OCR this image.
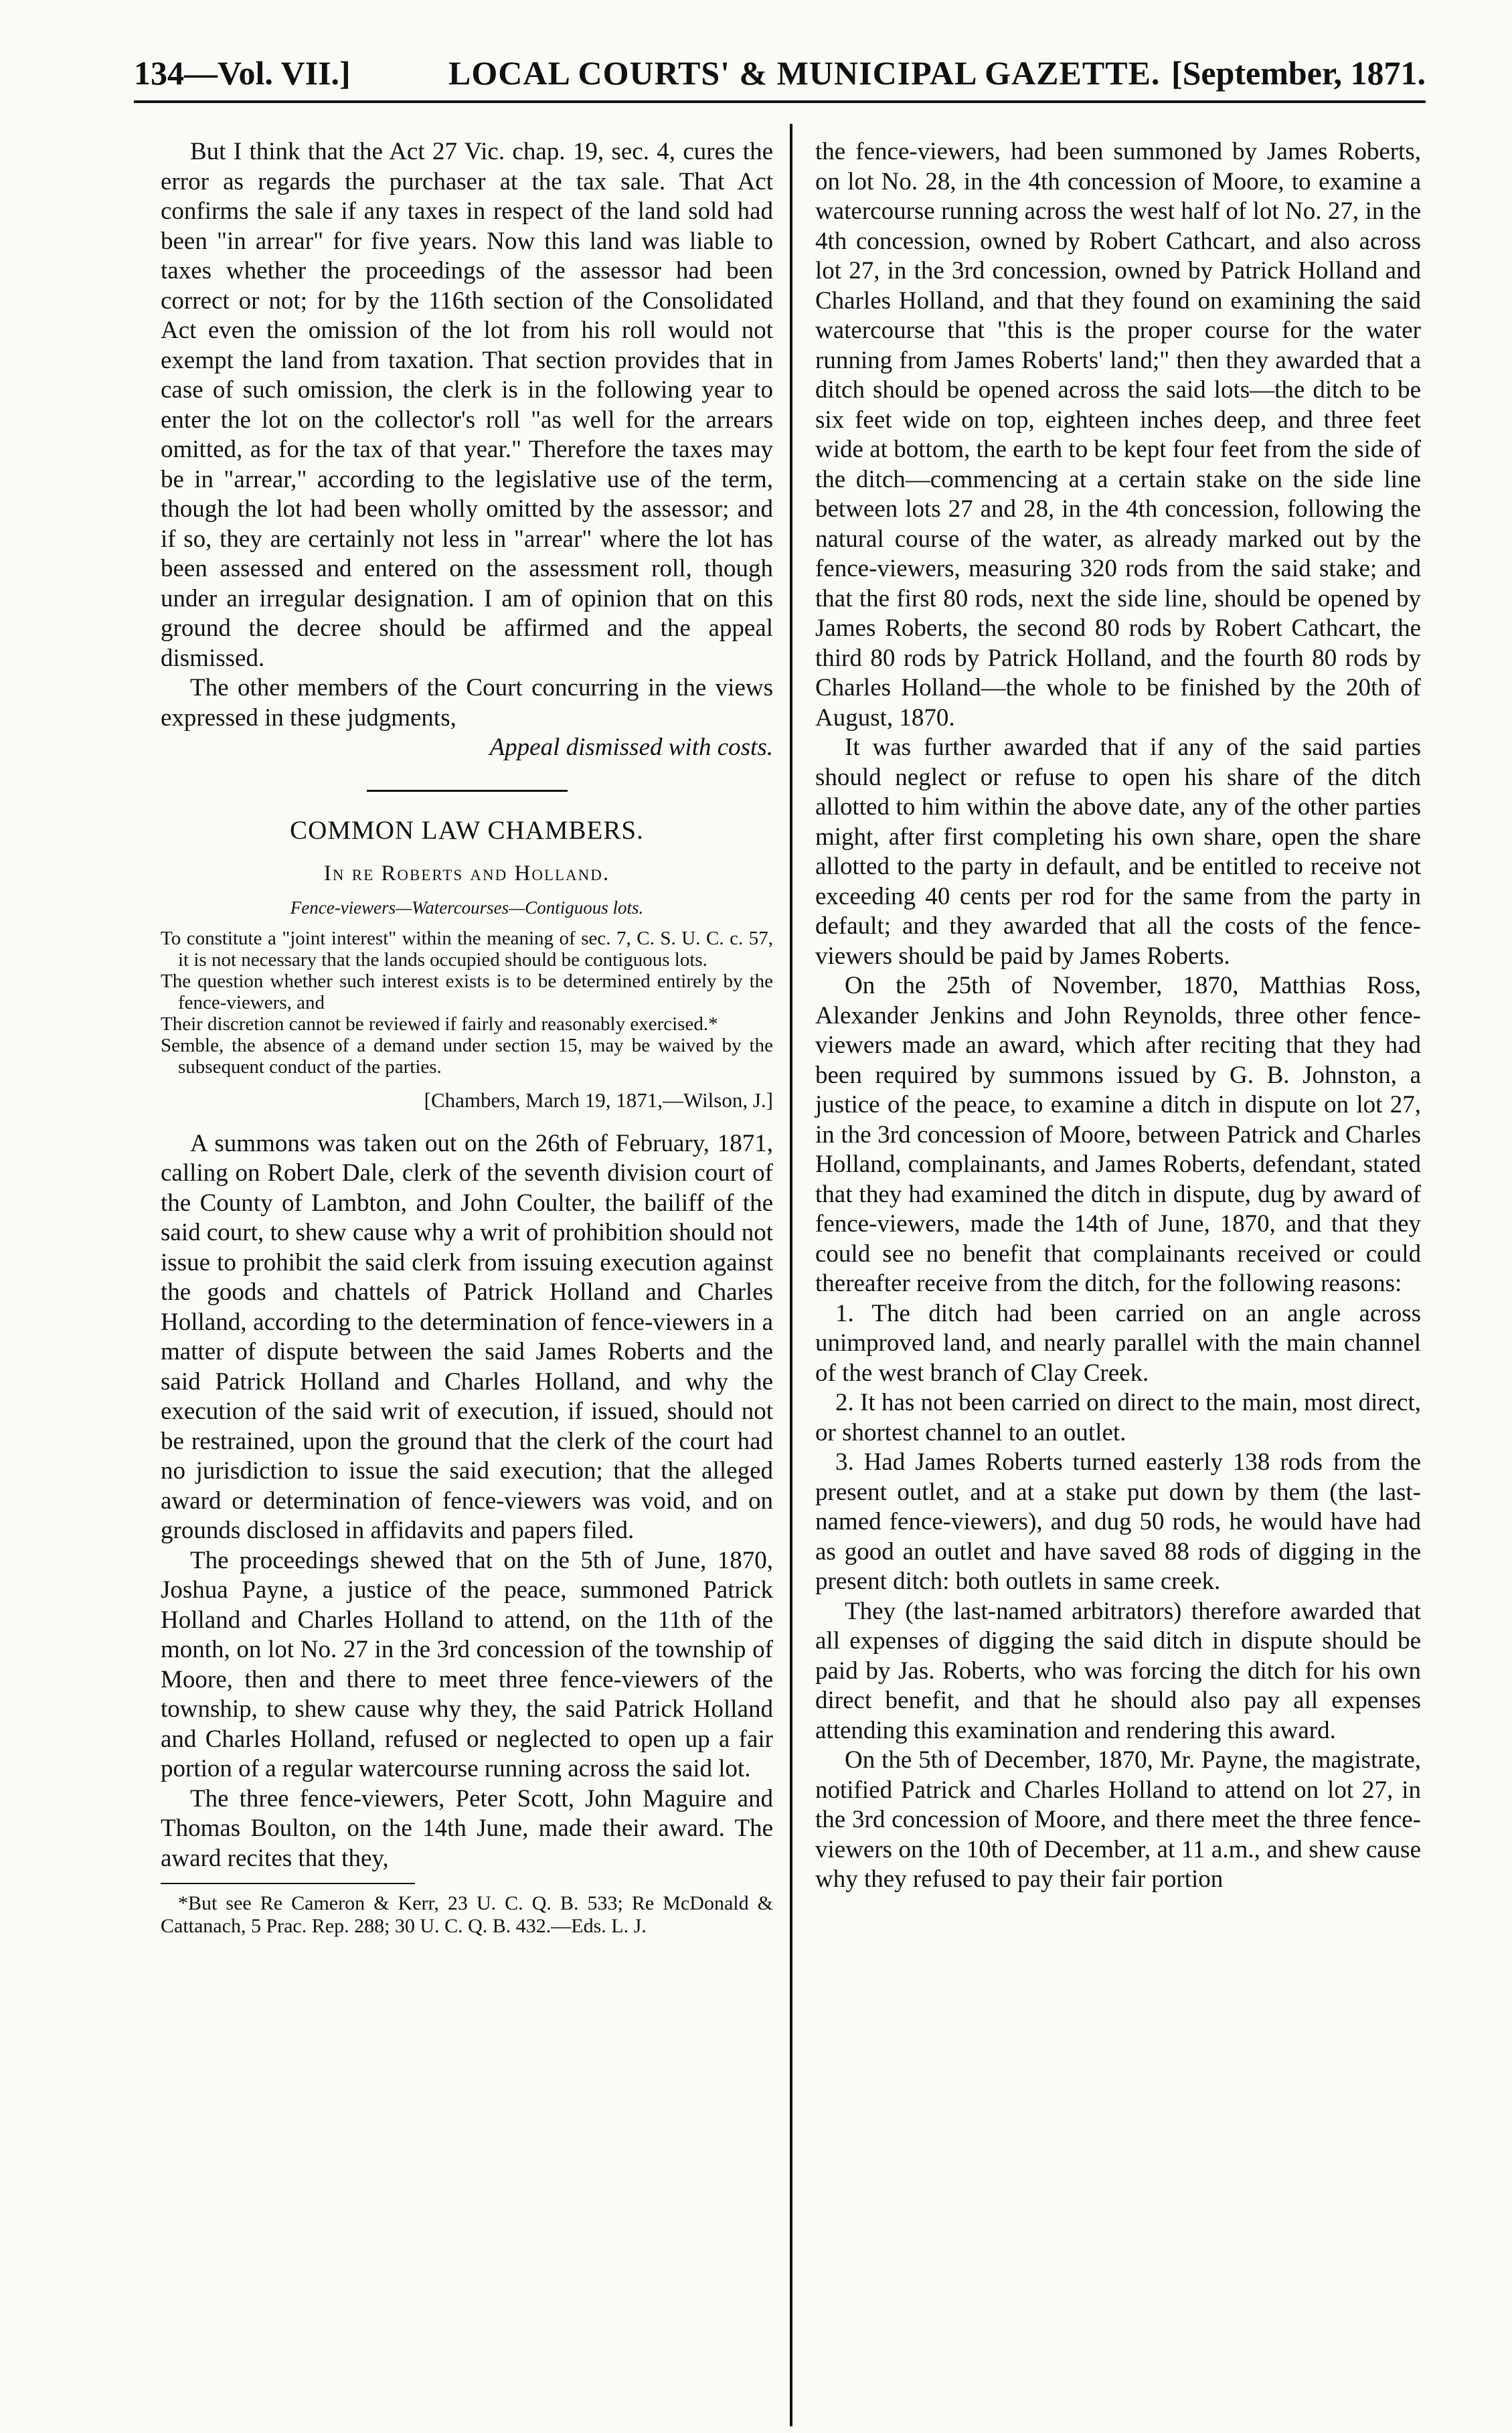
134—Vol. VII.]	LOCAL COURTS' & MUNICIPAL GAZETTE. [September, 1871.

But I think that the Act 27 Vic. chap. 19, sec. 4, cures the error as regards the purchaser at the tax sale. That Act confirms the sale if any taxes in respect of the land sold had been "in arrear" for five years. Now this land was liable to taxes whether the proceedings of the assessor had been correct or not; for by the 116th section of the Consolidated Act even the omission of the lot from his roll would not exempt the land from taxation. That section provides that in case of such omission, the clerk is in the following year to enter the lot on the collector's roll "as well for the arrears omitted, as for the tax of that year." Therefore the taxes may be in "arrear," according to the legislative use of the term, though the lot had been wholly omitted by the assessor; and if so, they are certainly not less in "arrear" where the lot has been assessed and entered on the assessment roll, though under an irregular designation. I am of opinion that on this ground the decree should be affirmed and the appeal dismissed.

The other members of the Court concurring in the views expressed in these judgments,

Appeal dismissed with costs.

COMMON LAW CHAMBERS.
In re Roberts and Holland.
Fence-viewers—Watercourses—Contiguous lots.

To constitute a "joint interest" within the meaning of sec. 7, C. S. U. C. c. 57, it is not necessary that the lands occupied should be contiguous lots.

The question whether such interest exists is to be determined entirely by the fence-viewers, and

Their discretion cannot be reviewed if fairly and reasonably exercised.*

Semble, the absence of a demand under section 15, may be waived by the subsequent conduct of the parties.

[Chambers, March 19, 1871,—Wilson, J.]

A summons was taken out on the 26th of February, 1871, calling on Robert Dale, clerk of the seventh division court of the County of Lambton, and John Coulter, the bailiff of the said court, to shew cause why a writ of prohibition should not issue to prohibit the said clerk from issuing execution against the goods and chattels of Patrick Holland and Charles Holland, according to the determination of fence-viewers in a matter of dispute between the said James Roberts and the said Patrick Holland and Charles Holland, and why the execution of the said writ of execution, if issued, should not be restrained, upon the ground that the clerk of the court had no jurisdiction to issue the said execution; that the alleged award or determination of fence-viewers was void, and on grounds disclosed in affidavits and papers filed.

The proceedings shewed that on the 5th of June, 1870, Joshua Payne, a justice of the peace, summoned Patrick Holland and Charles Holland to attend, on the 11th of the month, on lot No. 27 in the 3rd concession of the township of Moore, then and there to meet three fence-viewers of the township, to shew cause why they, the said Patrick Holland and Charles Holland, refused or neglected to open up a fair portion of a regular watercourse running across the said lot.

The three fence-viewers, Peter Scott, John Maguire and Thomas Boulton, on the 14th June, made their award. The award recites that they,

*But see Re Cameron & Kerr, 23 U. C. Q. B. 533; Re McDonald & Cattanach, 5 Prac. Rep. 288; 30 U. C. Q. B. 432.—Eds. L. J.

the fence-viewers, had been summoned by James Roberts, on lot No. 28, in the 4th concession of Moore, to examine a watercourse running across the west half of lot No. 27, in the 4th concession, owned by Robert Cathcart, and also across lot 27, in the 3rd concession, owned by Patrick Holland and Charles Holland, and that they found on examining the said watercourse that "this is the proper course for the water running from James Roberts' land;" then they awarded that a ditch should be opened across the said lots—the ditch to be six feet wide on top, eighteen inches deep, and three feet wide at bottom, the earth to be kept four feet from the side of the ditch—commencing at a certain stake on the side line between lots 27 and 28, in the 4th concession, following the natural course of the water, as already marked out by the fence-viewers, measuring 320 rods from the said stake; and that the first 80 rods, next the side line, should be opened by James Roberts, the second 80 rods by Robert Cathcart, the third 80 rods by Patrick Holland, and the fourth 80 rods by Charles Holland—the whole to be finished by the 20th of August, 1870.

It was further awarded that if any of the said parties should neglect or refuse to open his share of the ditch allotted to him within the above date, any of the other parties might, after first completing his own share, open the share allotted to the party in default, and be entitled to receive not exceeding 40 cents per rod for the same from the party in default; and they awarded that all the costs of the fence-viewers should be paid by James Roberts.

On the 25th of November, 1870, Matthias Ross, Alexander Jenkins and John Reynolds, three other fence-viewers made an award, which after reciting that they had been required by summons issued by G. B. Johnston, a justice of the peace, to examine a ditch in dispute on lot 27, in the 3rd concession of Moore, between Patrick and Charles Holland, complainants, and James Roberts, defendant, stated that they had examined the ditch in dispute, dug by award of fence-viewers, made the 14th of June, 1870, and that they could see no benefit that complainants received or could thereafter receive from the ditch, for the following reasons:

1. The ditch had been carried on an angle across unimproved land, and nearly parallel with the main channel of the west branch of Clay Creek.

2. It has not been carried on direct to the main, most direct, or shortest channel to an outlet.

3. Had James Roberts turned easterly 138 rods from the present outlet, and at a stake put down by them (the last-named fence-viewers), and dug 50 rods, he would have had as good an outlet and have saved 88 rods of digging in the present ditch: both outlets in same creek.

They (the last-named arbitrators) therefore awarded that all expenses of digging the said ditch in dispute should be paid by Jas. Roberts, who was forcing the ditch for his own direct benefit, and that he should also pay all expenses attending this examination and rendering this award.

On the 5th of December, 1870, Mr. Payne, the magistrate, notified Patrick and Charles Holland to attend on lot 27, in the 3rd concession of Moore, and there meet the three fence-viewers on the 10th of December, at 11 a.m., and shew cause why they refused to pay their fair portion
